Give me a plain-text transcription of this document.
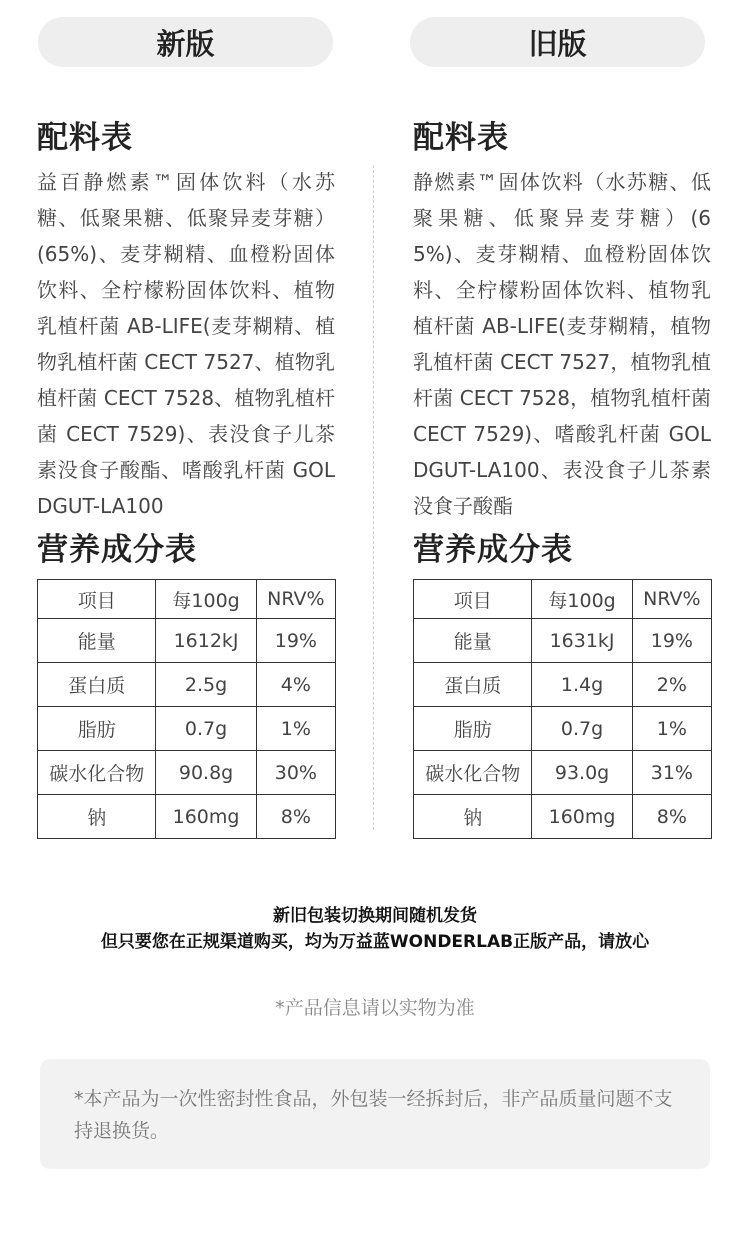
新版
配料表
益百静燃素™固体饮料（水苏糖、低聚果糖、低聚异麦芽糖）(65%)、麦芽糊精、血橙粉固体饮料、全柠檬粉固体饮料、植物乳植杆菌 AB-LIFE(麦芽糊精、植物乳植杆菌 CECT 7527、植物乳植杆菌 CECT 7528、植物乳植杆菌 CECT 7529)、表没食子儿茶素没食子酸酯、嗜酸乳杆菌 GOLDGUT-LA100
营养成分表
项目	每100g	NRV%
能量	1612kJ	19%
蛋白质	2.5g	4%
脂肪	0.7g	1%
碳水化合物	90.8g	30%
钠	160mg	8%
旧版
配料表
静燃素™固体饮料（水苏糖、低聚果糖、低聚异麦芽糖）(65%)、麦芽糊精、血橙粉固体饮料、全柠檬粉固体饮料、植物乳植杆菌 AB-LIFE(麦芽糊精，植物乳植杆菌 CECT 7527，植物乳植杆菌 CECT 7528，植物乳植杆菌 CECT 7529)、嗜酸乳杆菌 GOLDGUT-LA100、表没食子儿茶素没食子酸酯
营养成分表
项目	每100g	NRV%
能量	1631kJ	19%
蛋白质	1.4g	2%
脂肪	0.7g	1%
碳水化合物	93.0g	31%
钠	160mg	8%
新旧包装切换期间随机发货
但只要您在正规渠道购买，均为万益蓝WONDERLAB正版产品，请放心
*产品信息请以实物为准
*本产品为一次性密封性食品，外包装一经拆封后，非产品质量问题不支持退换货。
